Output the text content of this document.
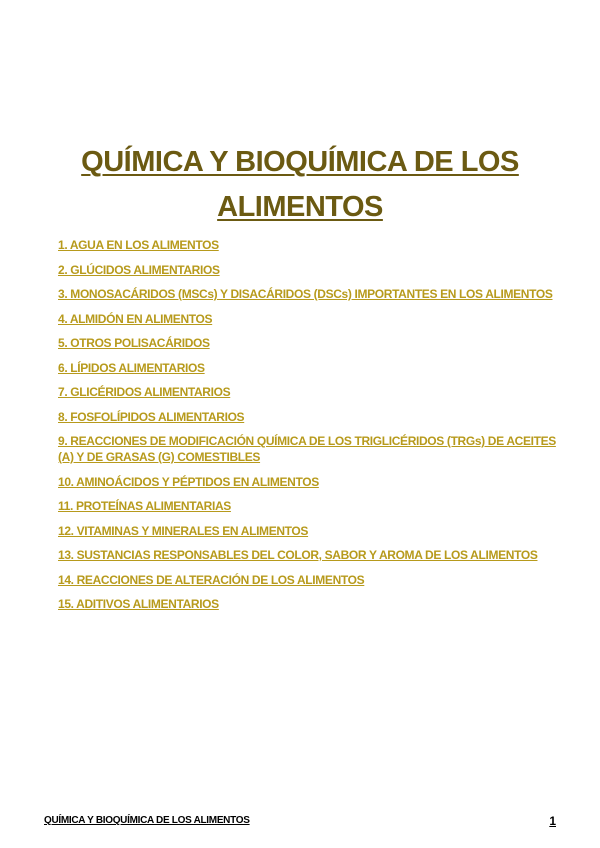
QUÍMICA Y BIOQUÍMICA DE LOS
ALIMENTOS
1. AGUA EN LOS ALIMENTOS
2. GLÚCIDOS ALIMENTARIOS
3. MONOSACÁRIDOS (MSCs) Y DISACÁRIDOS (DSCs) IMPORTANTES EN LOS ALIMENTOS
4. ALMIDÓN EN ALIMENTOS
5. OTROS POLISACÁRIDOS
6. LÍPIDOS ALIMENTARIOS
7. GLICÉRIDOS ALIMENTARIOS
8. FOSFOLÍPIDOS ALIMENTARIOS
9. REACCIONES DE MODIFICACIÓN QUÍMICA DE LOS TRIGLICÉRIDOS (TRGs) DE ACEITES (A) Y DE GRASAS (G) COMESTIBLES
10. AMINOÁCIDOS Y PÉPTIDOS EN ALIMENTOS
11. PROTEÍNAS ALIMENTARIAS
12. VITAMINAS Y MINERALES EN ALIMENTOS
13. SUSTANCIAS RESPONSABLES DEL COLOR, SABOR Y AROMA DE LOS ALIMENTOS
14. REACCIONES DE ALTERACIÓN DE LOS ALIMENTOS
15. ADITIVOS ALIMENTARIOS
QUÍMICA Y BIOQUÍMICA DE LOS ALIMENTOS	1
